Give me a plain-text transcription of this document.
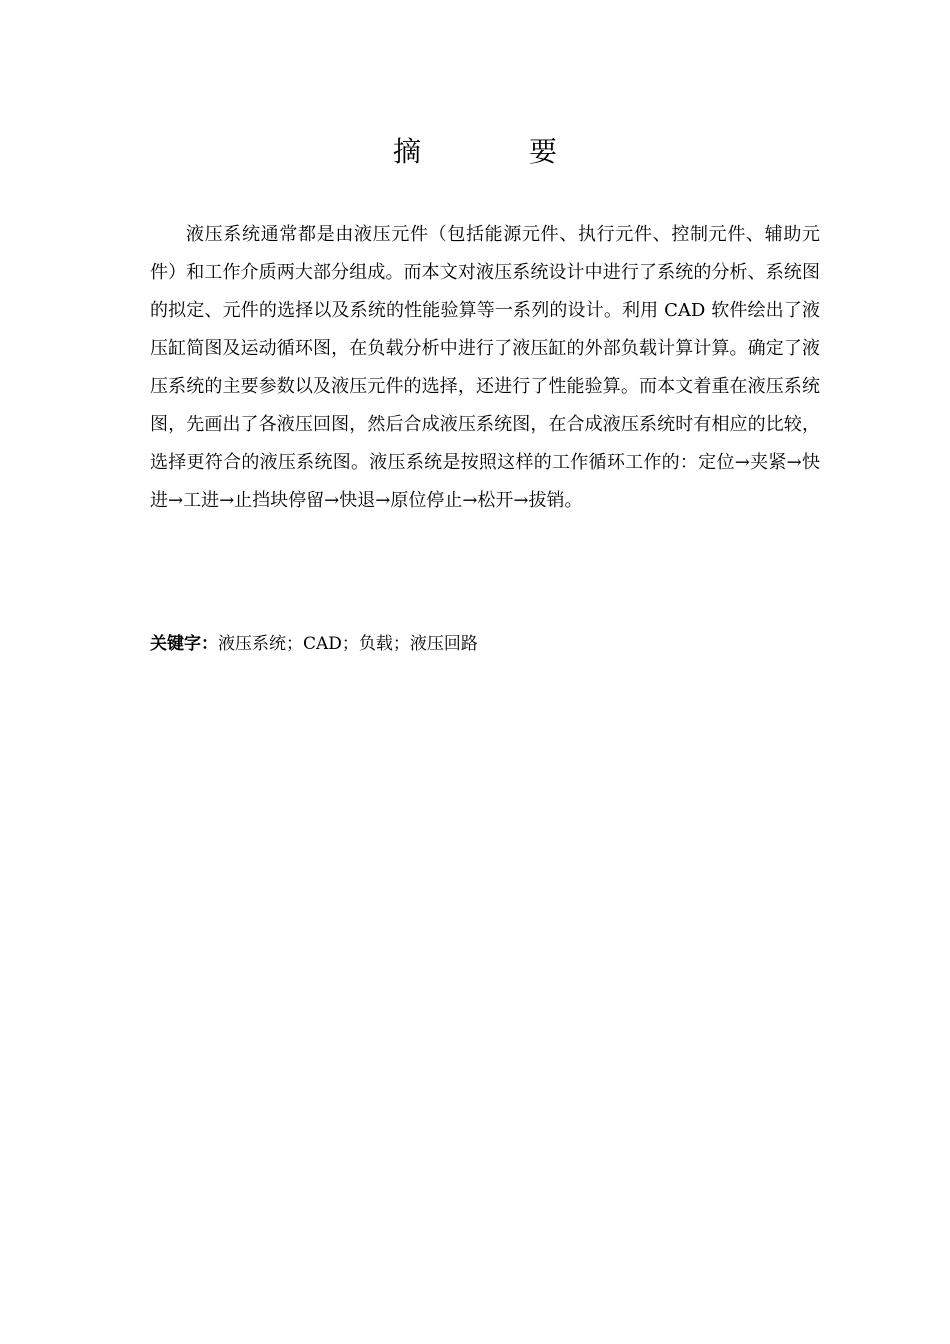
摘　要

液压系统通常都是由液压元件（包括能源元件、执行元件、控制元件、辅助元件）和工作介质两大部分组成。而本文对液压系统设计中进行了系统的分析、系统图的拟定、元件的选择以及系统的性能验算等一系列的设计。利用 CAD 软件绘出了液压缸简图及运动循环图，在负载分析中进行了液压缸的外部负载计算计算。确定了液压系统的主要参数以及液压元件的选择，还进行了性能验算。而本文着重在液压系统图，先画出了各液压回图，然后合成液压系统图，在合成液压系统时有相应的比较，选择更符合的液压系统图。液压系统是按照这样的工作循环工作的：定位→夹紧→快进→工进→止挡块停留→快退→原位停止→松开→拔销。

关键字：液压系统；CAD；负载；液压回路
